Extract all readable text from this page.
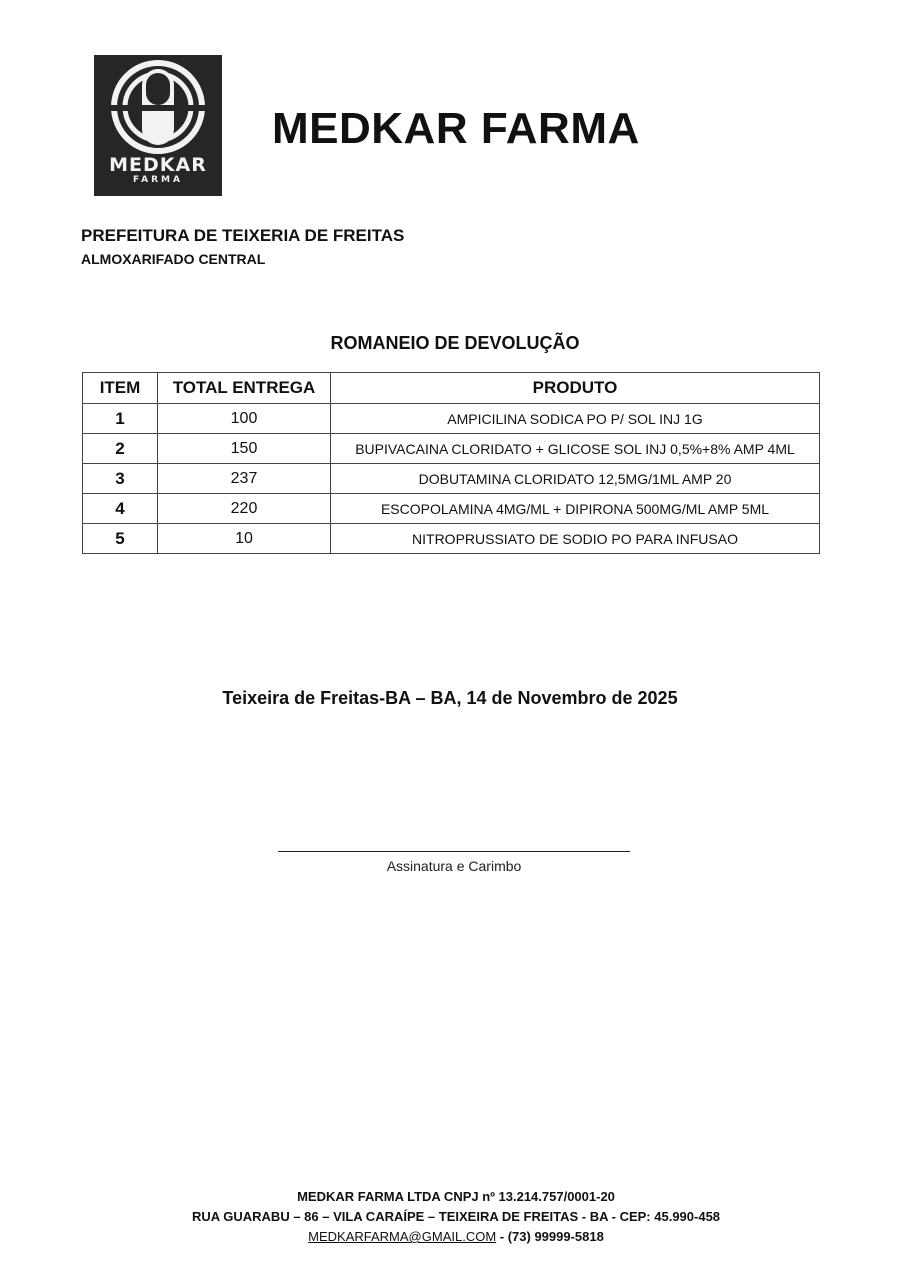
MEDKAR
FARMA
MEDKAR FARMA
PREFEITURA DE TEIXERIA DE FREITAS
ALMOXARIFADO CENTRAL
ROMANEIO DE DEVOLUÇÃO
ITEM	TOTAL ENTREGA	PRODUTO
1	100	AMPICILINA SODICA PO P/ SOL INJ 1G
2	150	BUPIVACAINA CLORIDATO + GLICOSE SOL INJ 0,5%+8% AMP 4ML
3	237	DOBUTAMINA CLORIDATO 12,5MG/1ML AMP 20
4	220	ESCOPOLAMINA 4MG/ML + DIPIRONA 500MG/ML AMP 5ML
5	10	NITROPRUSSIATO DE SODIO PO PARA INFUSAO
Teixeira de Freitas-BA – BA, 14 de Novembro de 2025
Assinatura e Carimbo
MEDKAR FARMA LTDA CNPJ nº 13.214.757/0001-20
RUA GUARABU – 86 – VILA CARAÍPE – TEIXEIRA DE FREITAS - BA - CEP: 45.990-458
MEDKARFARMA@GMAIL.COM - (73) 99999-5818
